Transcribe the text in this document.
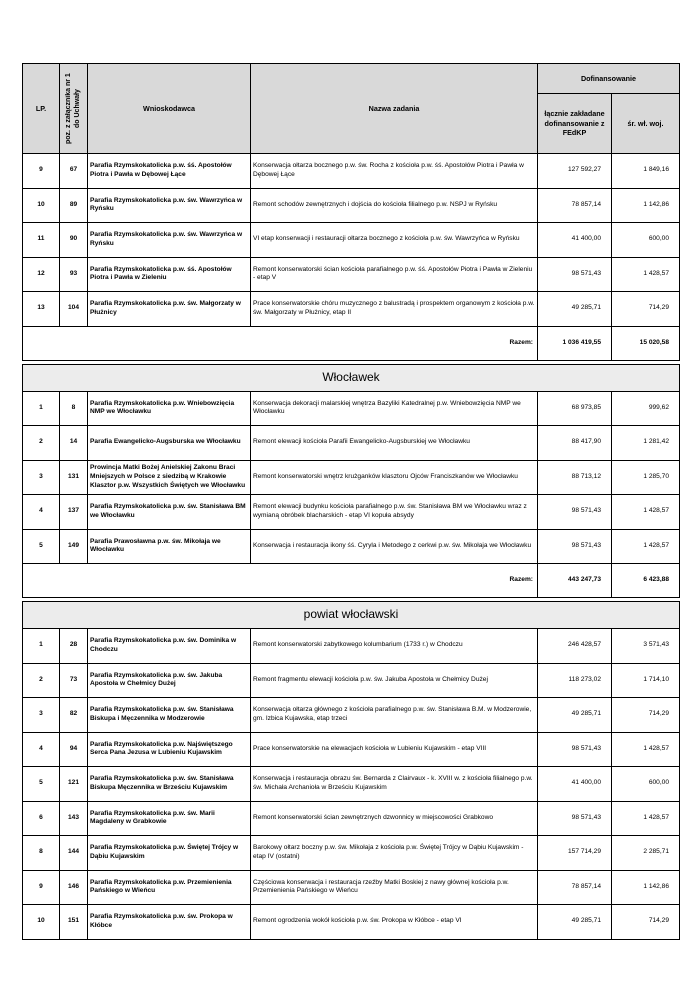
LP.	poz. z załącznika nr 1 do Uchwały	Wnioskodawca	Nazwa zadania	Dofinansowanie	
				łącznie zakładane dofinansowanie z FEdKP	śr. wł. woj.
9	67	Parafia Rzymskokatolicka p.w. śś. Apostołów Piotra i Pawła w Dębowej Łące	Konserwacja ołtarza bocznego p.w. św. Rocha z kościoła p.w. śś. Apostołów Piotra i Pawła w Dębowej Łące	127 592,27	1 849,16
10	89	Parafia Rzymskokatolicka p.w. św. Wawrzyńca w Ryńsku	Remont schodów zewnętrznych i dojścia do kościoła filialnego p.w. NSPJ w Ryńsku	78 857,14	1 142,86
11	90	Parafia Rzymskokatolicka p.w. św. Wawrzyńca w Ryńsku	VI etap konserwacji i restauracji ołtarza bocznego z kościoła p.w. św. Wawrzyńca w Ryńsku	41 400,00	600,00
12	93	Parafia Rzymskokatolicka p.w. śś. Apostołów Piotra i Pawła w Zieleniu	Remont konserwatorski ścian kościoła parafialnego p.w. śś. Apostołów Piotra i Pawła w Zieleniu - etap V	98 571,43	1 428,57
13	104	Parafia Rzymskokatolicka p.w. św. Małgorzaty w Płużnicy	Prace konserwatorskie chóru muzycznego z balustradą i prospektem organowym z kościoła p.w. św. Małgorzaty w Płużnicy, etap II	49 285,71	714,29
Razem:				1 036 419,55	15 020,58

Włocławek					
1	8	Parafia Rzymskokatolicka p.w. Wniebowzięcia NMP we Włocławku	Konserwacja dekoracji malarskiej wnętrza Bazyliki Katedralnej p.w. Wniebowzięcia NMP we Włocławku	68 973,85	999,62
2	14	Parafia Ewangelicko-Augsburska we Włocławku	Remont elewacji kościoła Parafii Ewangelicko-Augsburskiej we Włocławku	88 417,90	1 281,42
3	131	Prowincja Matki Bożej Anielskiej Zakonu Braci Mniejszych w Polsce z siedzibą w Krakowie Klasztor p.w. Wszystkich Świętych we Włocławku	Remont konserwatorski wnętrz krużganków klasztoru Ojców Franciszkanów we Włocławku	88 713,12	1 285,70
4	137	Parafia Rzymskokatolicka p.w. św. Stanisława BM we Włocławku	Remont elewacji budynku kościoła parafialnego p.w. św. Stanisława BM we Włocławku wraz z wymianą obróbek blacharskich - etap VI kopuła absydy	98 571,43	1 428,57
5	149	Parafia Prawosławna p.w. św. Mikołaja we Włocławku	Konserwacja i restauracja ikony śś. Cyryla i Metodego z cerkwi p.w. św. Mikołaja we Włocławku	98 571,43	1 428,57
Razem:				443 247,73	6 423,88

powiat włocławski					
1	28	Parafia Rzymskokatolicka p.w. św. Dominika w Chodczu	Remont konserwatorski zabytkowego kolumbarium (1733 r.) w Chodczu	246 428,57	3 571,43
2	73	Parafia Rzymskokatolicka p.w. św. Jakuba Apostoła w Chełmicy Dużej	Remont fragmentu elewacji kościoła p.w. św. Jakuba Apostoła w Chełmicy Dużej	118 273,02	1 714,10
3	82	Parafia Rzymskokatolicka p.w. św. Stanisława Biskupa i Męczennika w Modzerowie	Konserwacja ołtarza głównego z kościoła parafialnego p.w. św. Stanisława B.M. w Modzerowie, gm. Izbica Kujawska, etap trzeci	49 285,71	714,29
4	94	Parafia Rzymskokatolicka p.w. Najświętszego Serca Pana Jezusa w Lubieniu Kujawskim	Prace konserwatorskie na elewacjach kościoła w Lubieniu Kujawskim - etap VIII	98 571,43	1 428,57
5	121	Parafia Rzymskokatolicka p.w. św. Stanisława Biskupa Męczennika w Brześciu Kujawskim	Konserwacja i restauracja obrazu św. Bernarda z Clairvaux - k. XVIII w. z kościoła filialnego p.w. św. Michała Archanioła w Brześciu Kujawskim	41 400,00	600,00
6	143	Parafia Rzymskokatolicka p.w. św. Marii Magdaleny w Grabkowie	Remont konserwatorski ścian zewnętrznych dzwonnicy w miejscowości Grabkowo	98 571,43	1 428,57
8	144	Parafia Rzymskokatolicka p.w. Świętej Trójcy w Dąbiu Kujawskim	Barokowy ołtarz boczny p.w. św. Mikołaja z kościoła p.w. Świętej Trójcy w Dąbiu Kujawskim - etap IV (ostatni)	157 714,29	2 285,71
9	146	Parafia Rzymskokatolicka p.w. Przemienienia Pańskiego w Wieńcu	Częściowa konserwacja i restauracja rzeźby Matki Boskiej z nawy głównej kościoła p.w. Przemienienia Pańskiego w Wieńcu	78 857,14	1 142,86
10	151	Parafia Rzymskokatolicka p.w. św. Prokopa w Kłóbce	Remont ogrodzenia wokół kościoła p.w. św. Prokopa w Kłóbce - etap VI	49 285,71	714,29
